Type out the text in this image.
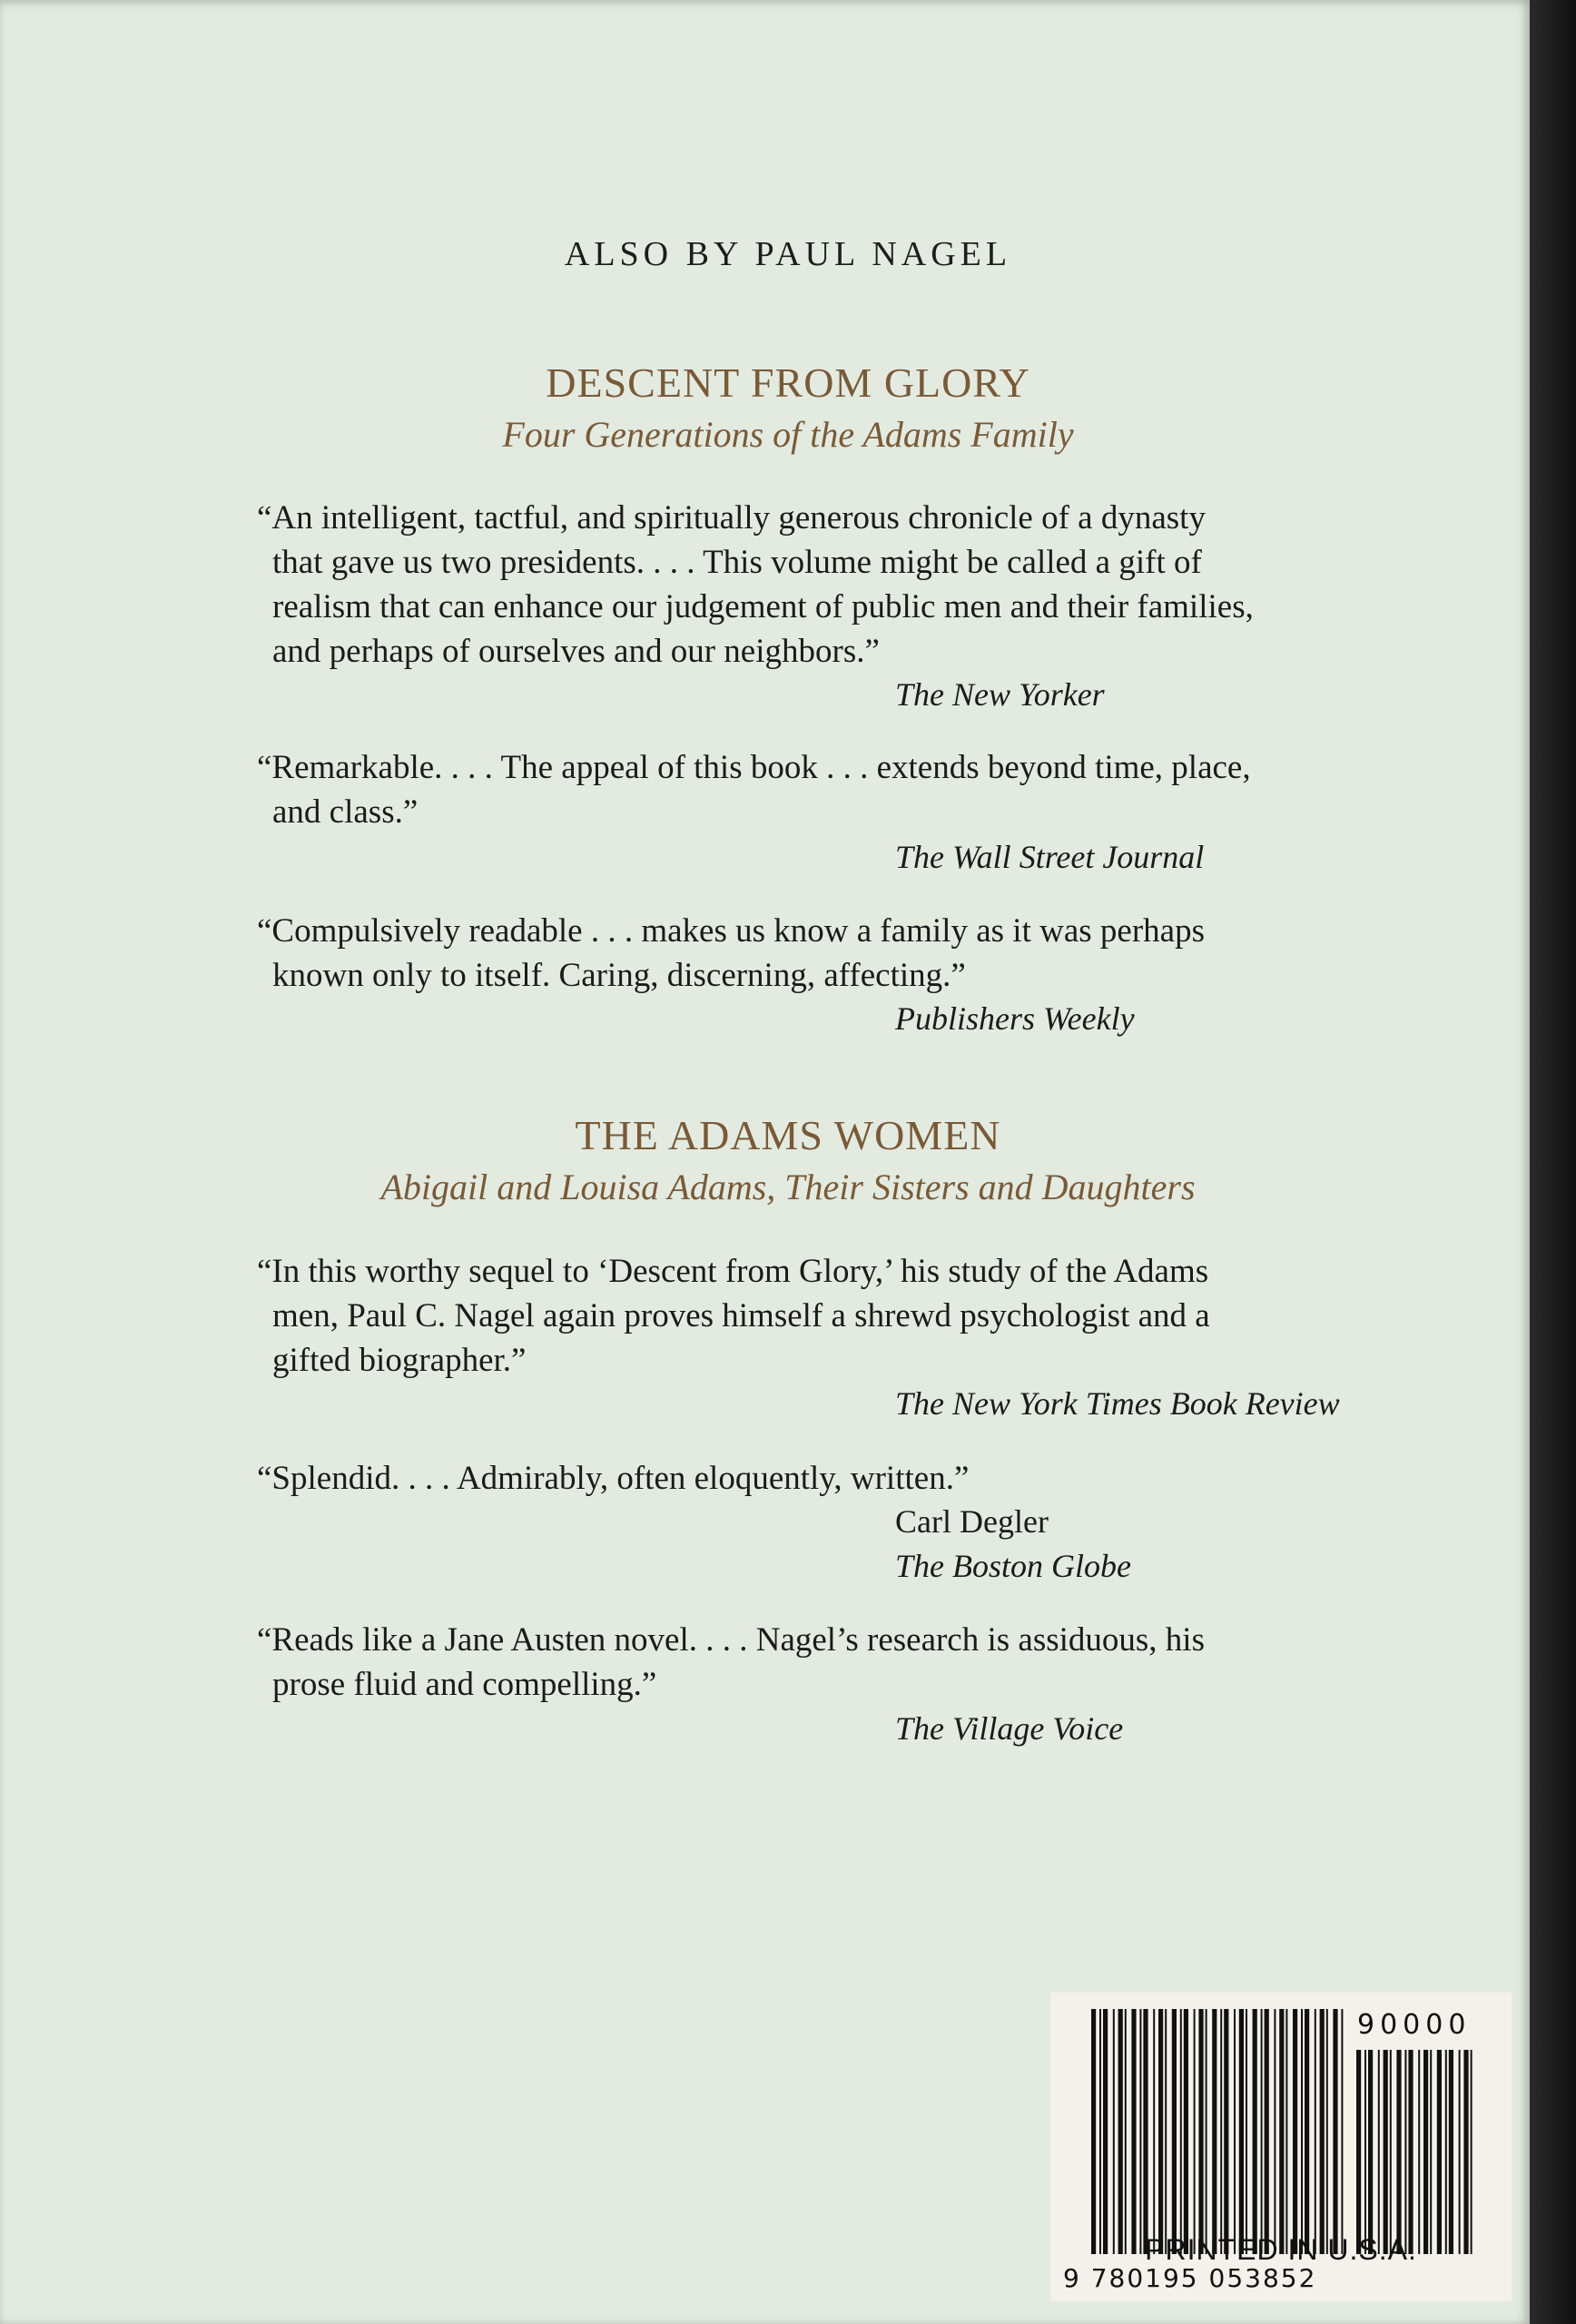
ALSO BY PAUL NAGEL
DESCENT FROM GLORY
Four Generations of the Adams Family
“An intelligent, tactful, and spiritually generous chronicle of a dynasty
that gave us two presidents. . . . This volume might be called a gift of
realism that can enhance our judgement of public men and their families,
and perhaps of ourselves and our neighbors.”
The New Yorker
“Remarkable. . . . The appeal of this book . . . extends beyond time, place,
and class.”
The Wall Street Journal
“Compulsively readable . . . makes us know a family as it was perhaps
known only to itself. Caring, discerning, affecting.”
Publishers Weekly
THE ADAMS WOMEN
Abigail and Louisa Adams, Their Sisters and Daughters
“In this worthy sequel to ‘Descent from Glory,’ his study of the Adams
men, Paul C. Nagel again proves himself a shrewd psychologist and a
gifted biographer.”
The New York Times Book Review
“Splendid. . . . Admirably, often eloquently, written.”
Carl Degler
The Boston Globe
“Reads like a Jane Austen novel. . . . Nagel’s research is assiduous, his
prose fluid and compelling.”
The Village Voice
9 780195 053852
90000
PRINTED IN U.S.A.
